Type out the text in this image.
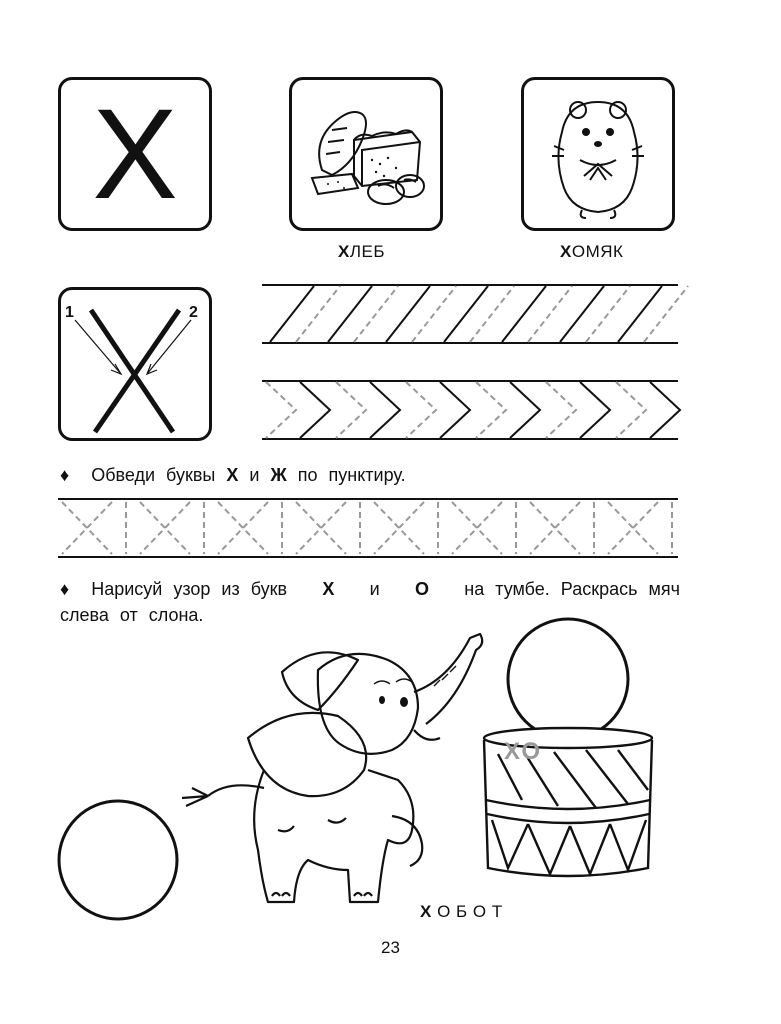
Х
ХЛЕБ	ХОМЯК
1	2
♦ Обведи буквы Х и Ж по пунктиру.
♦ Нарисуй узор из букв Х и О на тумбе. Раскрась мяч
слева от слона.
ХО
Х О Б О Т
23
